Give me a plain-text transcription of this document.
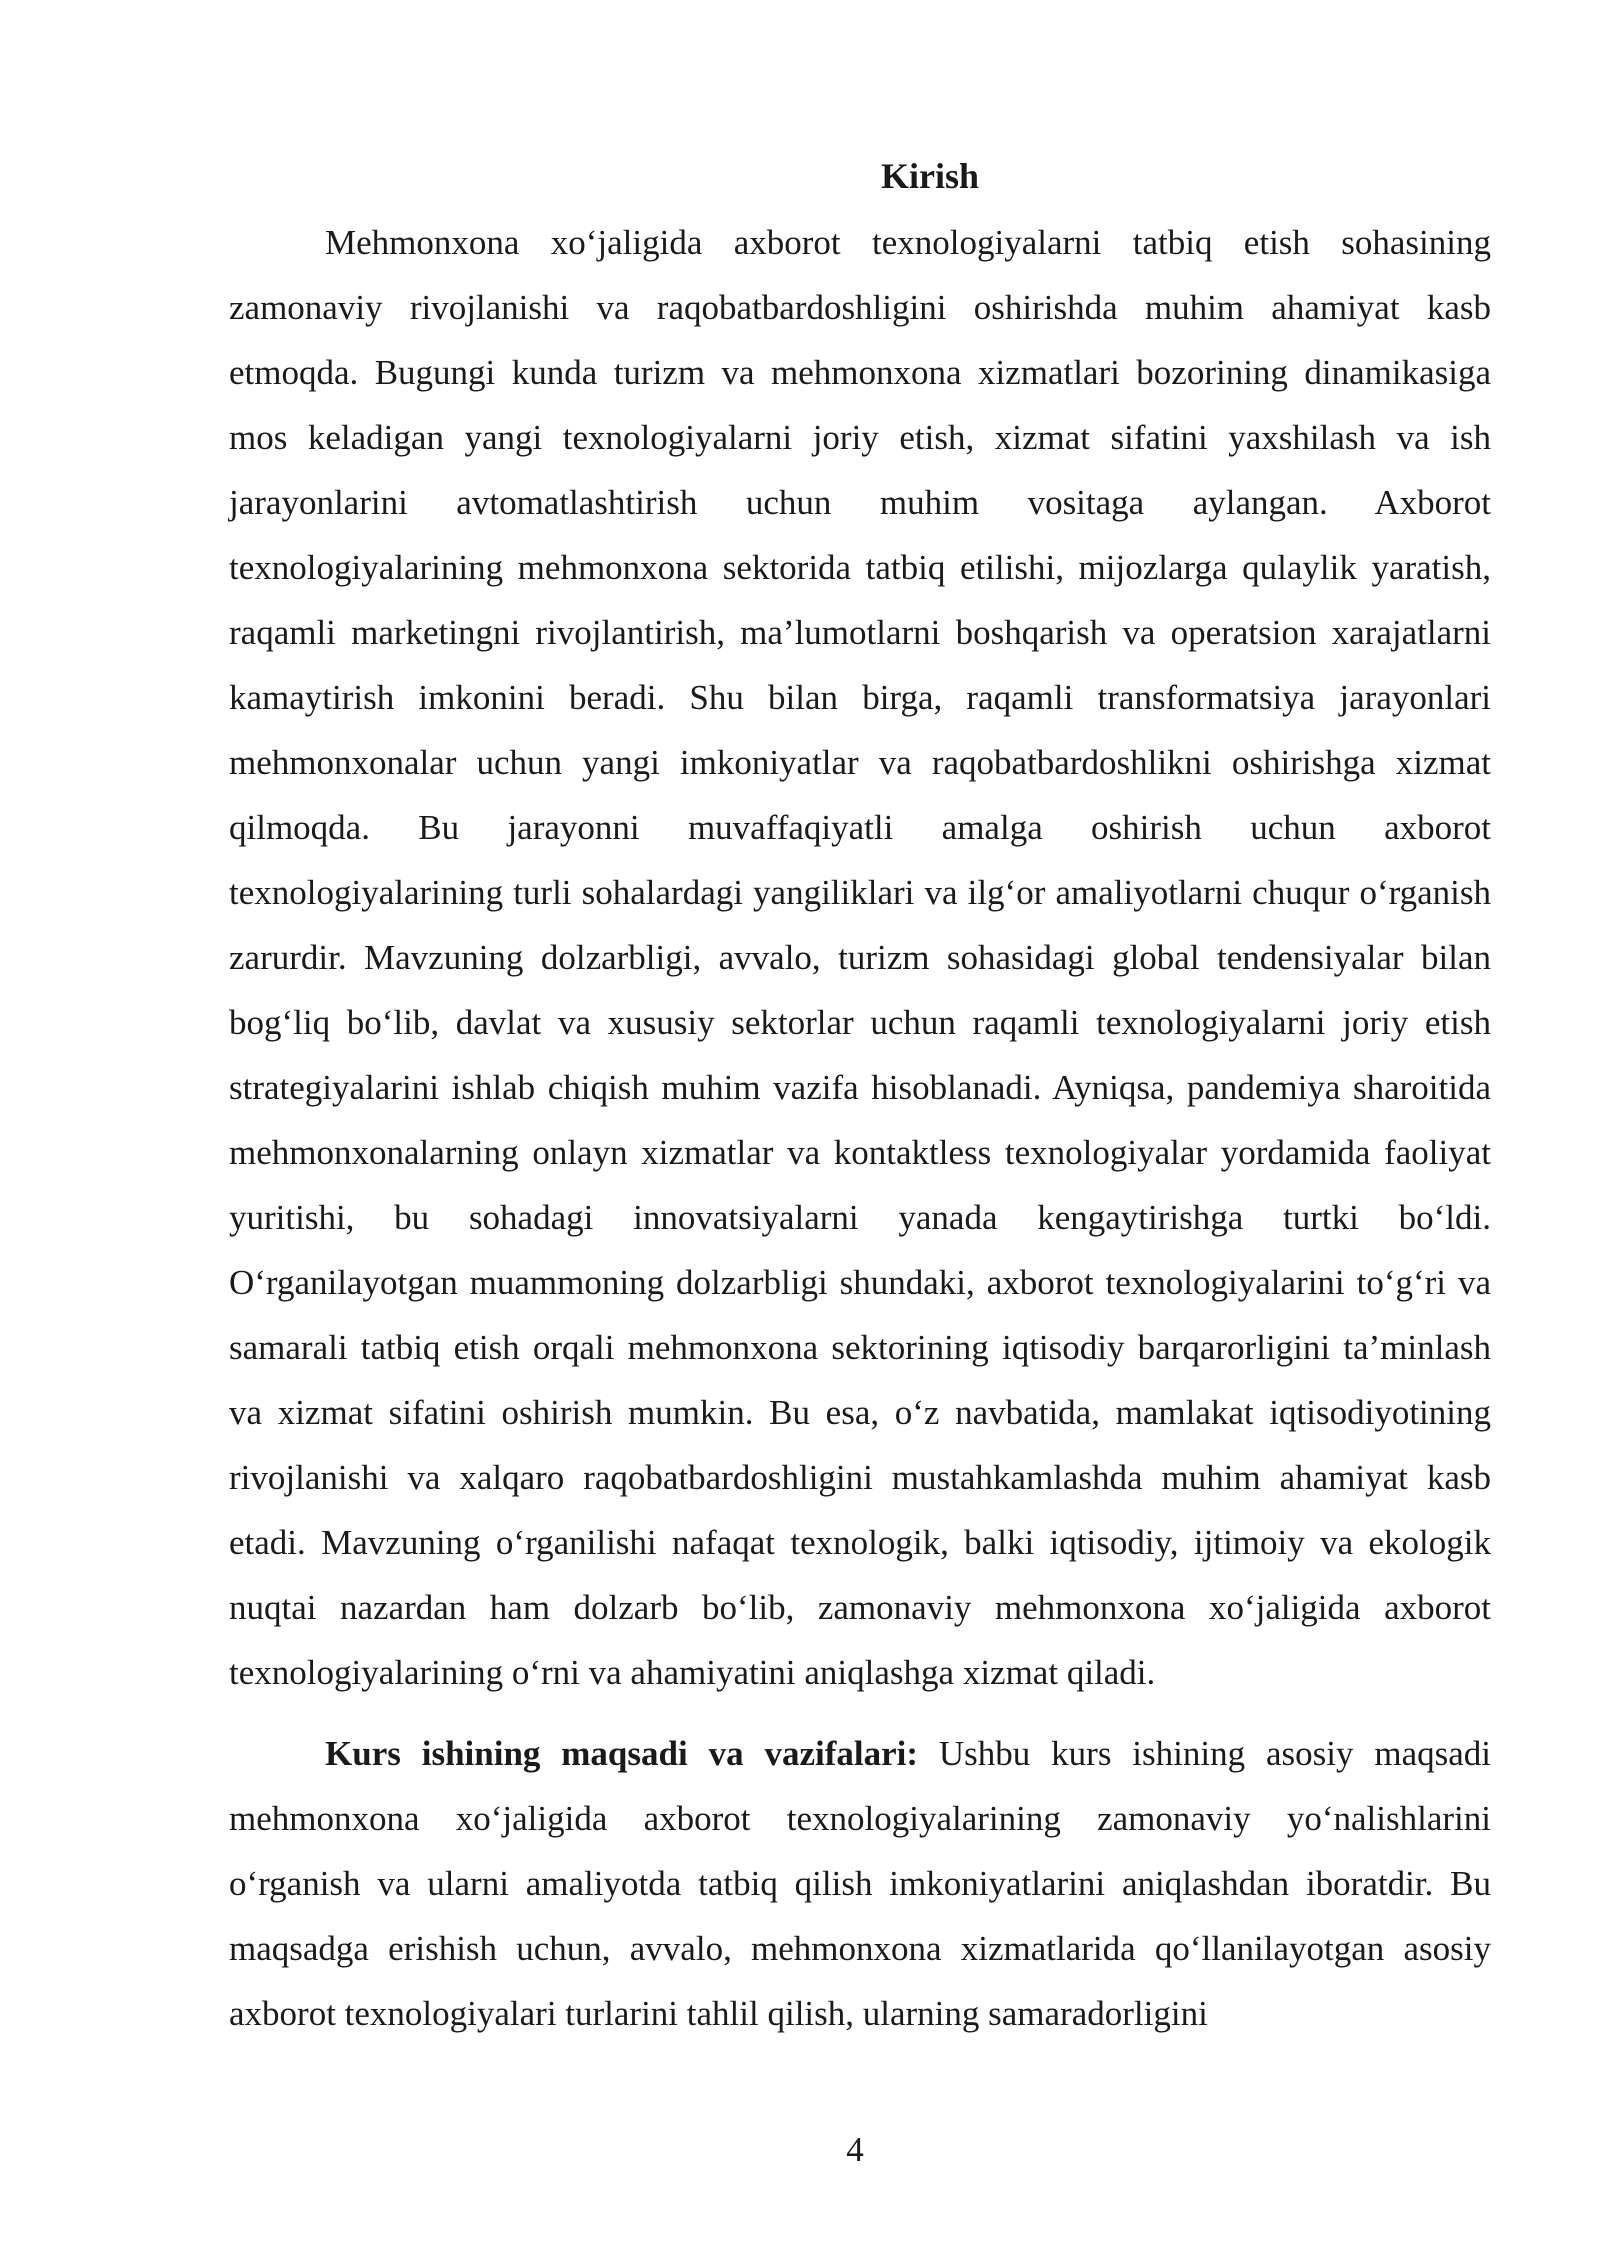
Kirish

Mehmonxona xo‘jaligida axborot texnologiyalarni tatbiq etish sohasining zamonaviy rivojlanishi va raqobatbardoshligini oshirishda muhim ahamiyat kasb etmoqda. Bugungi kunda turizm va mehmonxona xizmatlari bozorining dinamikasiga mos keladigan yangi texnologiyalarni joriy etish, xizmat sifatini yaxshilash va ish jarayonlarini avtomatlashtirish uchun muhim vositaga aylangan. Axborot texnologiyalarining mehmonxona sektorida tatbiq etilishi, mijozlarga qulaylik yaratish, raqamli marketingni rivojlantirish, ma’lumotlarni boshqarish va operatsion xarajatlarni kamaytirish imkonini beradi. Shu bilan birga, raqamli transformatsiya jarayonlari mehmonxonalar uchun yangi imkoniyatlar va raqobatbardoshlikni oshirishga xizmat qilmoqda. Bu jarayonni muvaffaqiyatli amalga oshirish uchun axborot texnologiyalarining turli sohalardagi yangiliklari va ilg‘or amaliyotlarni chuqur o‘rganish zarurdir. Mavzuning dolzarbligi, avvalo, turizm sohasidagi global tendensiyalar bilan bog‘liq bo‘lib, davlat va xususiy sektorlar uchun raqamli texnologiyalarni joriy etish strategiyalarini ishlab chiqish muhim vazifa hisoblanadi. Ayniqsa, pandemiya sharoitida mehmonxonalarning onlayn xizmatlar va kontaktless texnologiyalar yordamida faoliyat yuritishi, bu sohadagi innovatsiyalarni yanada kengaytirishga turtki bo‘ldi. O‘rganilayotgan muammoning dolzarbligi shundaki, axborot texnologiyalarini to‘g‘ri va samarali tatbiq etish orqali mehmonxona sektorining iqtisodiy barqarorligini ta’minlash va xizmat sifatini oshirish mumkin. Bu esa, o‘z navbatida, mamlakat iqtisodiyotining rivojlanishi va xalqaro raqobatbardoshligini mustahkamlashda muhim ahamiyat kasb etadi. Mavzuning o‘rganilishi nafaqat texnologik, balki iqtisodiy, ijtimoiy va ekologik nuqtai nazardan ham dolzarb bo‘lib, zamonaviy mehmonxona xo‘jaligida axborot texnologiyalarining o‘rni va ahamiyatini aniqlashga xizmat qiladi.

Kurs ishining maqsadi va vazifalari: Ushbu kurs ishining asosiy maqsadi mehmonxona xo‘jaligida axborot texnologiyalarining zamonaviy yo‘nalishlarini o‘rganish va ularni amaliyotda tatbiq qilish imkoniyatlarini aniqlashdan iboratdir. Bu maqsadga erishish uchun, avvalo, mehmonxona xizmatlarida qo‘llanilayotgan asosiy axborot texnologiyalari turlarini tahlil qilish, ularning samaradorligini

4
